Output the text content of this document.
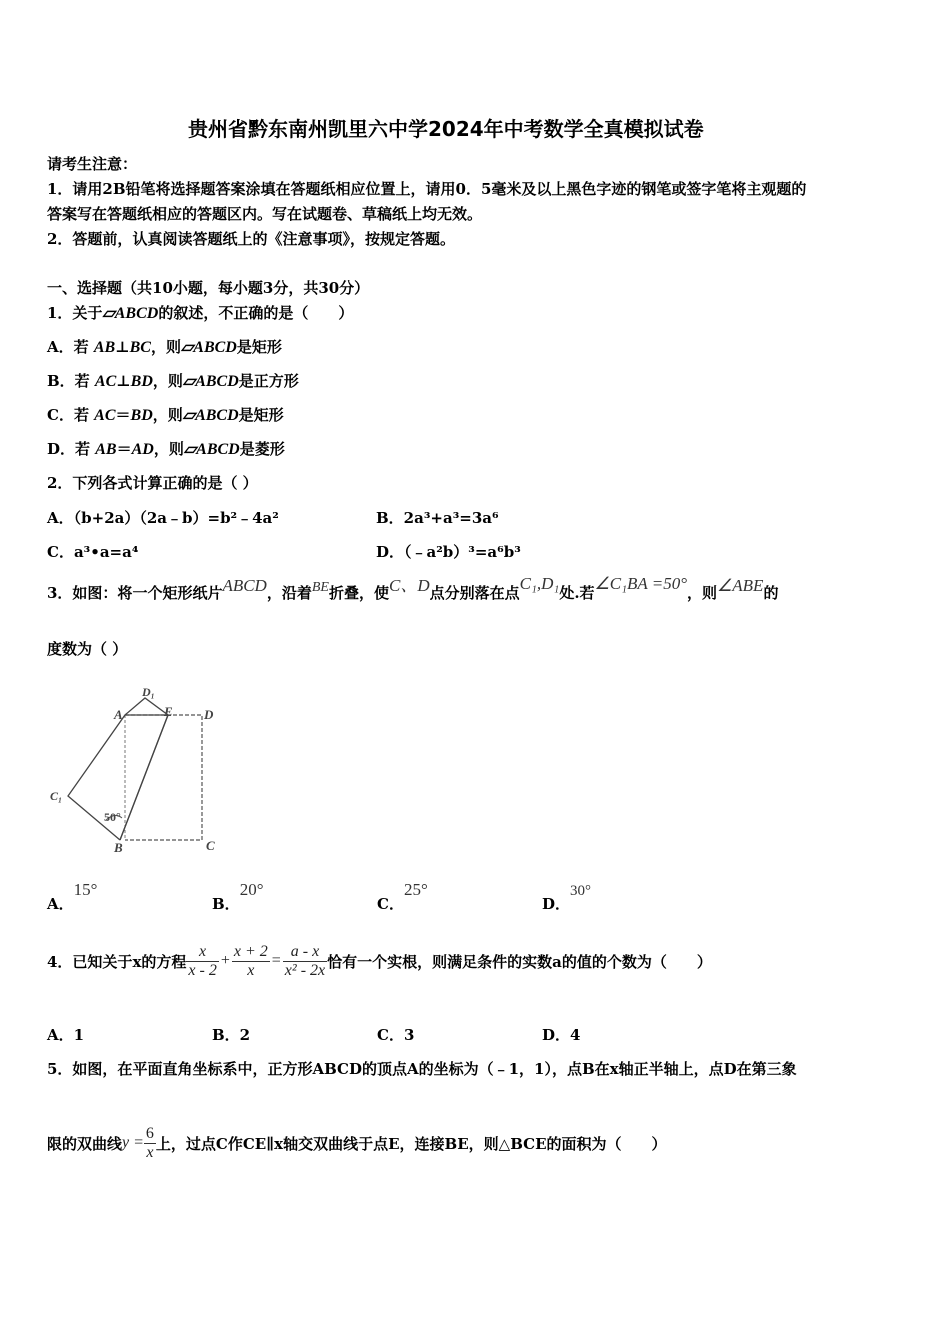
贵州省黔东南州凯里六中学2024年中考数学全真模拟试卷
请考生注意：
1．请用2B铅笔将选择题答案涂填在答题纸相应位置上，请用0．5毫米及以上黑色字迹的钢笔或签字笔将主观题的
答案写在答题纸相应的答题区内。写在试题卷、草稿纸上均无效。
2．答题前，认真阅读答题纸上的《注意事项》，按规定答题。
一、选择题（共10小题，每小题3分，共30分）
1．关于▱ABCD的叙述，不正确的是（　　）
A．若 AB⊥BC，则▱ABCD是矩形
B．若 AC⊥BD，则▱ABCD是正方形
C．若 AC＝BD，则▱ABCD是矩形
D．若 AB＝AD，则▱ABCD是菱形
2．下列各式计算正确的是（ ）
A．（b+2a）（2a﹣b）=b²﹣4a²	B．2a³+a³=3a⁶
C．a³•a=a⁴	D．（﹣a²b）³=a⁶b³
3．如图：将一个矩形纸片ABCD，沿着BE折叠，使C、D点分别落在点C₁,D₁处.若∠C₁BA =50°，则∠ABE的
度数为（ ）
A
D₁
E D
C₁
50°
B	C
A．15°
B．20°
C．25°
D．30°
4．已知关于x的方程 $\frac{x}{x - 2} + \frac{x + 2}{x} = \frac{a - x}{\text{x² - 2x}}$ 恰有一个实根，则满足条件的实数a的值的个数为（　　）
A．1	B．2	C．3	D．4
5．如图，在平面直角坐标系中，正方形ABCD的顶点A的坐标为（﹣1，1），点B在x轴正半轴上，点D在第三象
限的双曲线 $y = \frac{6}{x}$ 上，过点C作CE∥x轴交双曲线于点E，连接BE，则△BCE的面积为（　　）
